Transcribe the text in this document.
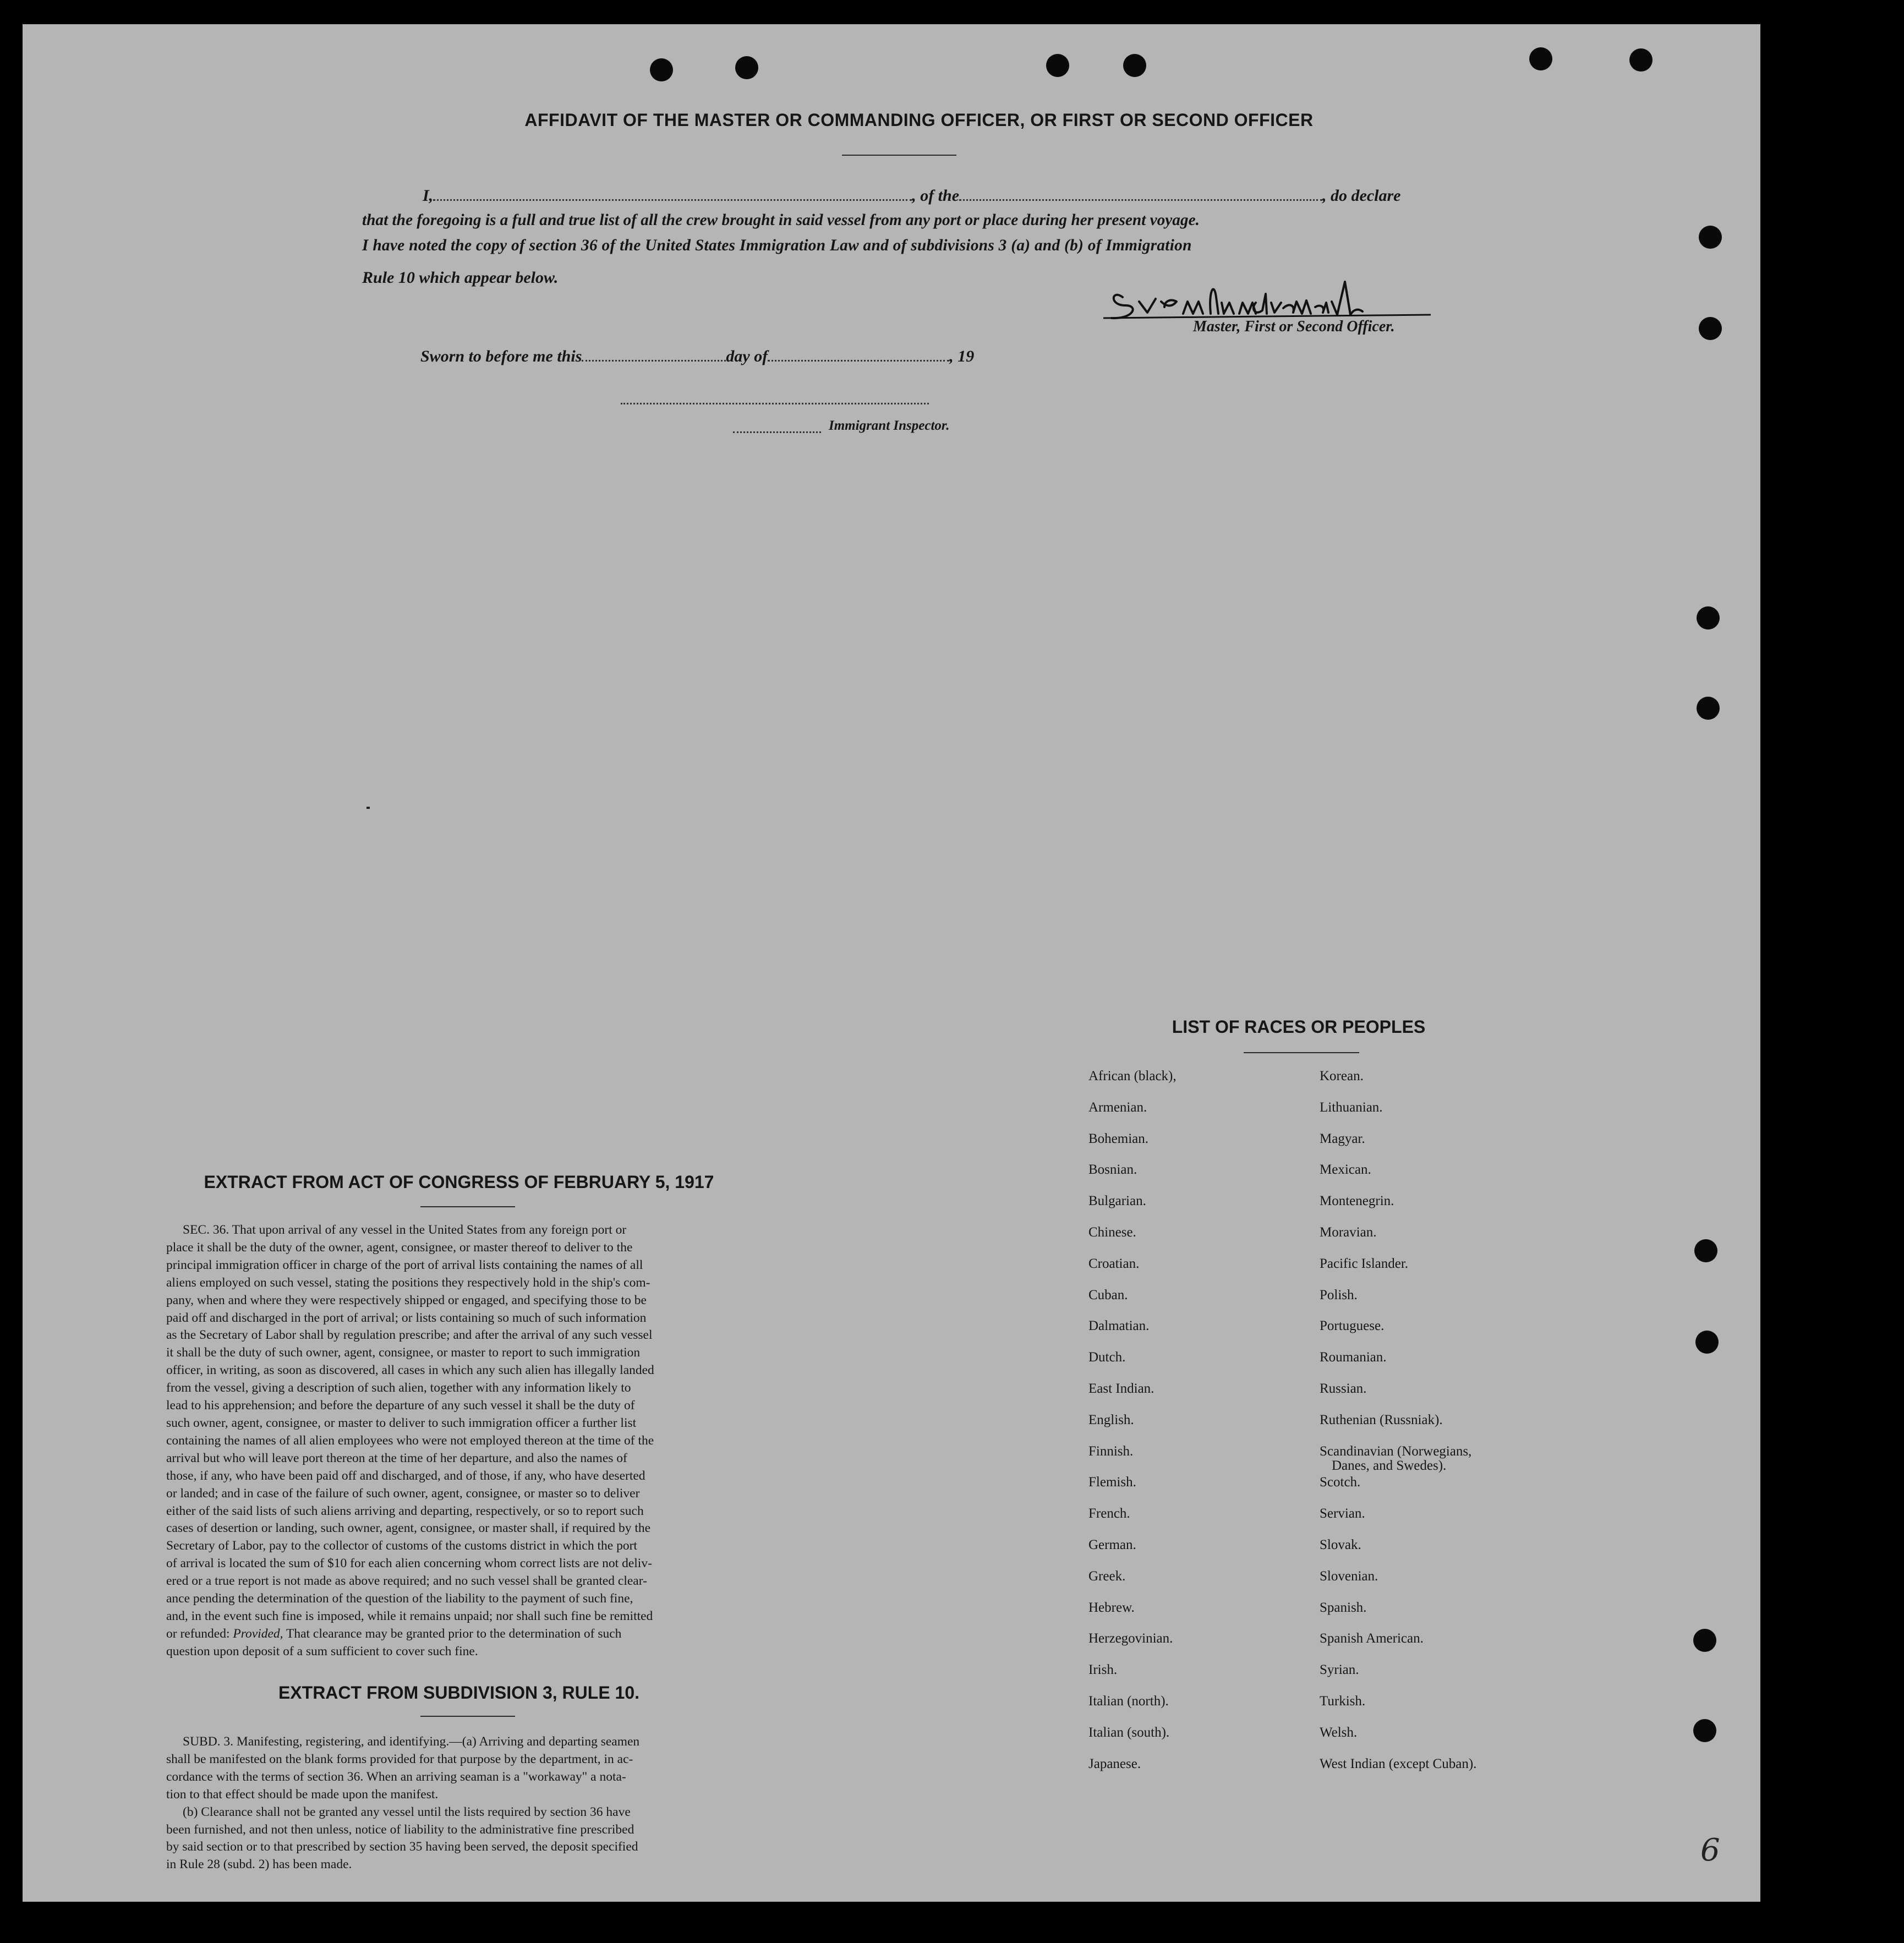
AFFIDAVIT OF THE MASTER OR COMMANDING OFFICER, OR FIRST OR SECOND OFFICER
I,	, of the	, do declare
that the foregoing is a full and true list of all the crew brought in said vessel from any port or place during her present voyage.
I have noted the copy of section 36 of the United States Immigration Law and of subdivisions 3 (a) and (b) of Immigration
Rule 10 which appear below.
Master, First or Second Officer.
Sworn to before me this	day of	, 19
Immigrant Inspector.
EXTRACT FROM ACT OF CONGRESS OF FEBRUARY 5, 1917
SEC. 36. That upon arrival of any vessel in the United States from any foreign port or
place it shall be the duty of the owner, agent, consignee, or master thereof to deliver to the
principal immigration officer in charge of the port of arrival lists containing the names of all
aliens employed on such vessel, stating the positions they respectively hold in the ship's com-
pany, when and where they were respectively shipped or engaged, and specifying those to be
paid off and discharged in the port of arrival; or lists containing so much of such information
as the Secretary of Labor shall by regulation prescribe; and after the arrival of any such vessel
it shall be the duty of such owner, agent, consignee, or master to report to such immigration
officer, in writing, as soon as discovered, all cases in which any such alien has illegally landed
from the vessel, giving a description of such alien, together with any information likely to
lead to his apprehension; and before the departure of any such vessel it shall be the duty of
such owner, agent, consignee, or master to deliver to such immigration officer a further list
containing the names of all alien employees who were not employed thereon at the time of the
arrival but who will leave port thereon at the time of her departure, and also the names of
those, if any, who have been paid off and discharged, and of those, if any, who have deserted
or landed; and in case of the failure of such owner, agent, consignee, or master so to deliver
either of the said lists of such aliens arriving and departing, respectively, or so to report such
cases of desertion or landing, such owner, agent, consignee, or master shall, if required by the
Secretary of Labor, pay to the collector of customs of the customs district in which the port
of arrival is located the sum of $10 for each alien concerning whom correct lists are not deliv-
ered or a true report is not made as above required; and no such vessel shall be granted clear-
ance pending the determination of the question of the liability to the payment of such fine,
and, in the event such fine is imposed, while it remains unpaid; nor shall such fine be remitted
or refunded: Provided, That clearance may be granted prior to the determination of such
question upon deposit of a sum sufficient to cover such fine.
EXTRACT FROM SUBDIVISION 3, RULE 10.
SUBD. 3. Manifesting, registering, and identifying.—(a) Arriving and departing seamen
shall be manifested on the blank forms provided for that purpose by the department, in ac-
cordance with the terms of section 36. When an arriving seaman is a "workaway" a nota-
tion to that effect should be made upon the manifest.
(b) Clearance shall not be granted any vessel until the lists required by section 36 have
been furnished, and not then unless, notice of liability to the administrative fine prescribed
by said section or to that prescribed by section 35 having been served, the deposit specified
in Rule 28 (subd. 2) has been made.
LIST OF RACES OR PEOPLES
African (black),	Korean.
Armenian.	Lithuanian.
Bohemian.	Magyar.
Bosnian.	Mexican.
Bulgarian.	Montenegrin.
Chinese.	Moravian.
Croatian.	Pacific Islander.
Cuban.	Polish.
Dalmatian.	Portuguese.
Dutch.	Roumanian.
East Indian.	Russian.
English.	Ruthenian (Russniak).
Finnish.	Scandinavian (Norwegians,
Danes, and Swedes).
Flemish.	Scotch.
French.	Servian.
German.	Slovak.
Greek.	Slovenian.
Hebrew.	Spanish.
Herzegovinian.	Spanish American.
Irish.	Syrian.
Italian (north).	Turkish.
Italian (south).	Welsh.
Japanese.	West Indian (except Cuban).
6
